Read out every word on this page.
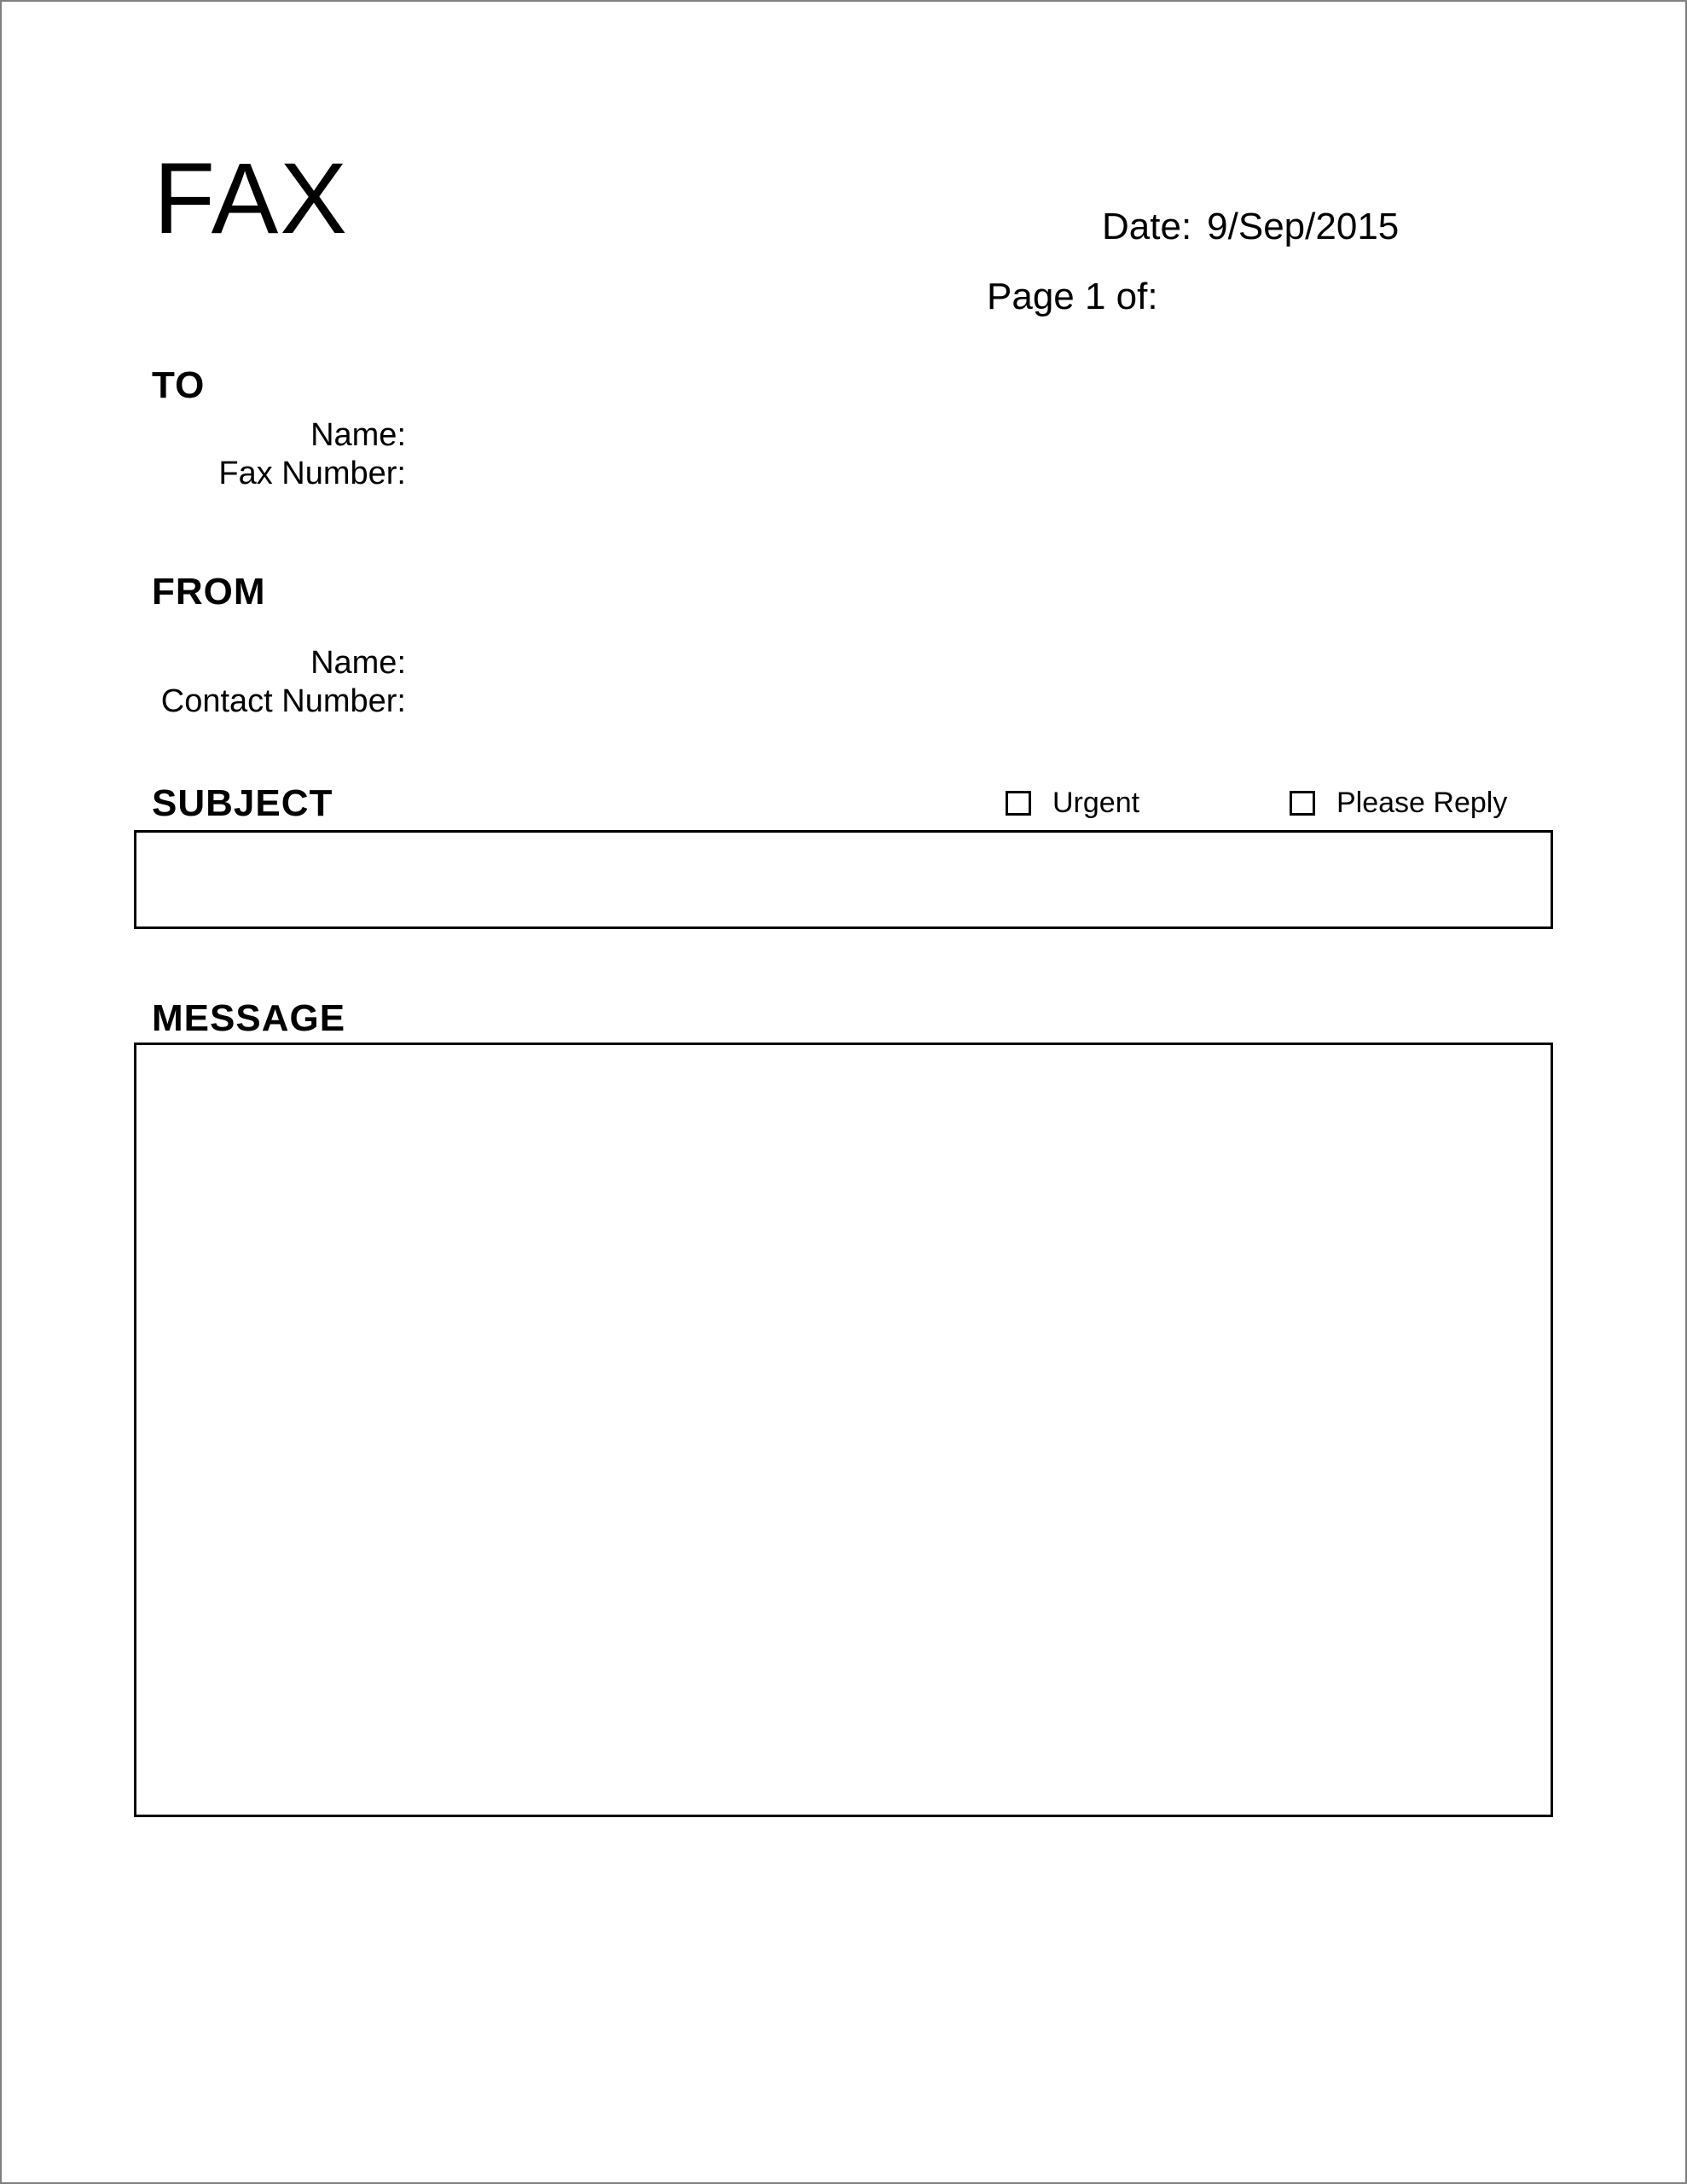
FAX	Date: 9/Sep/2015
Page 1 of:
TO
Name:
Fax Number:
FROM
Name:
Contact Number:
SUBJECT	Urgent	Please Reply
MESSAGE
